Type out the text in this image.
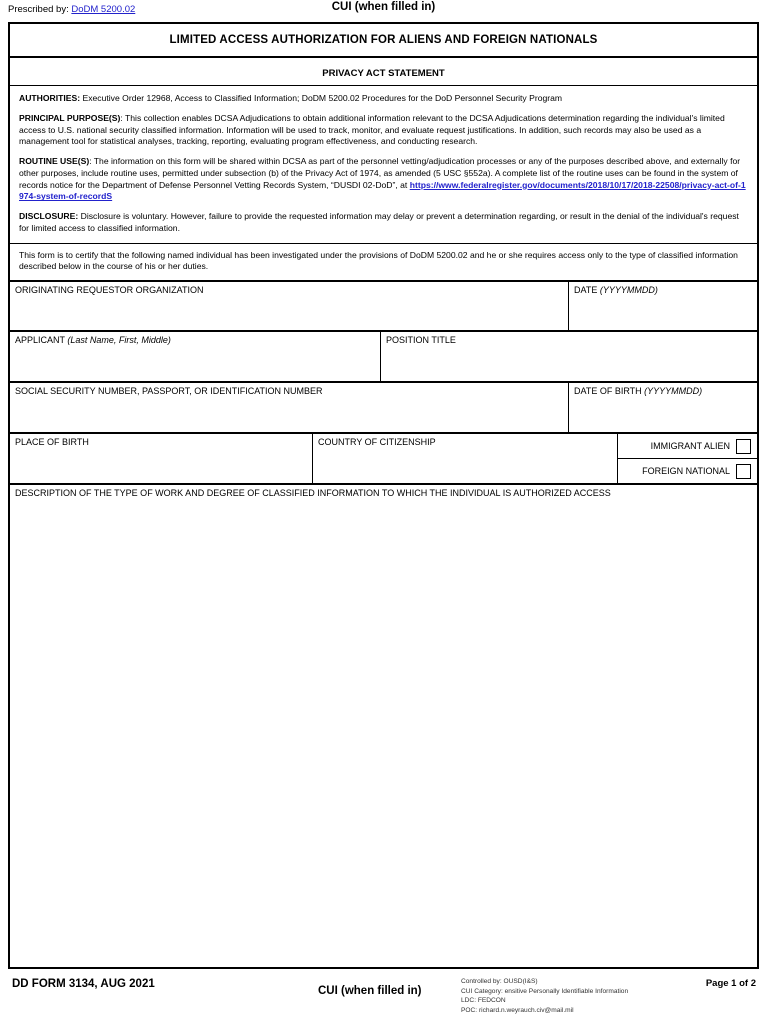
Prescribed by: DoDM 5200.02	CUI (when filled in)
LIMITED ACCESS AUTHORIZATION FOR ALIENS AND FOREIGN NATIONALS
PRIVACY ACT STATEMENT

AUTHORITIES: Executive Order 12968, Access to Classified Information; DoDM 5200.02 Procedures for the DoD Personnel Security Program

PRINCIPAL PURPOSE(S): This collection enables DCSA Adjudications to obtain additional information relevant to the DCSA Adjudications determination regarding the individual's limited access to U.S. national security classified information. Information will be used to track, monitor, and evaluate request justifications. In addition, such records may also be used as a management tool for statistical analyses, tracking, reporting, evaluating program effectiveness, and conducting research.

ROUTINE USE(S): The information on this form will be shared within DCSA as part of the personnel vetting/adjudication processes or any of the purposes described above, and externally for other purposes, include routine uses, permitted under subsection (b) of the Privacy Act of 1974, as amended (5 USC §552a). A complete list of the routine uses can be found in the system of records notice for the Department of Defense Personnel Vetting Records System, “DUSDI 02-DoD”, at https://www.federalregister.gov/documents/2018/10/17/2018-22508/privacy-act-of-1974-system-of-recordS

DISCLOSURE: Disclosure is voluntary. However, failure to provide the requested information may delay or prevent a determination regarding, or result in the denial of the individual's request for limited access to classified information.

This form is to certify that the following named individual has been investigated under the provisions of DoDM 5200.02 and he or she requires access only to the type of classified information described below in the course of his or her duties.
ORIGINATING REQUESTOR ORGANIZATION	DATE (YYYYMMDD)
APPLICANT (Last Name, First, Middle)	POSITION TITLE
SOCIAL SECURITY NUMBER, PASSPORT, OR IDENTIFICATION NUMBER	DATE OF BIRTH (YYYYMMDD)
PLACE OF BIRTH	COUNTRY OF CITIZENSHIP	IMMIGRANT ALIEN
FOREIGN NATIONAL
DESCRIPTION OF THE TYPE OF WORK AND DEGREE OF CLASSIFIED INFORMATION TO WHICH THE INDIVIDUAL IS AUTHORIZED ACCESS
DD FORM 3134, AUG 2021
CUI (when filled in)
Controlled by: OUSD(I&S)
CUI Category: ensitive Personally Identifiable Information
LDC: FEDCON
POC: richard.n.weyrauch.civ@mail.mil
Page 1 of 2
